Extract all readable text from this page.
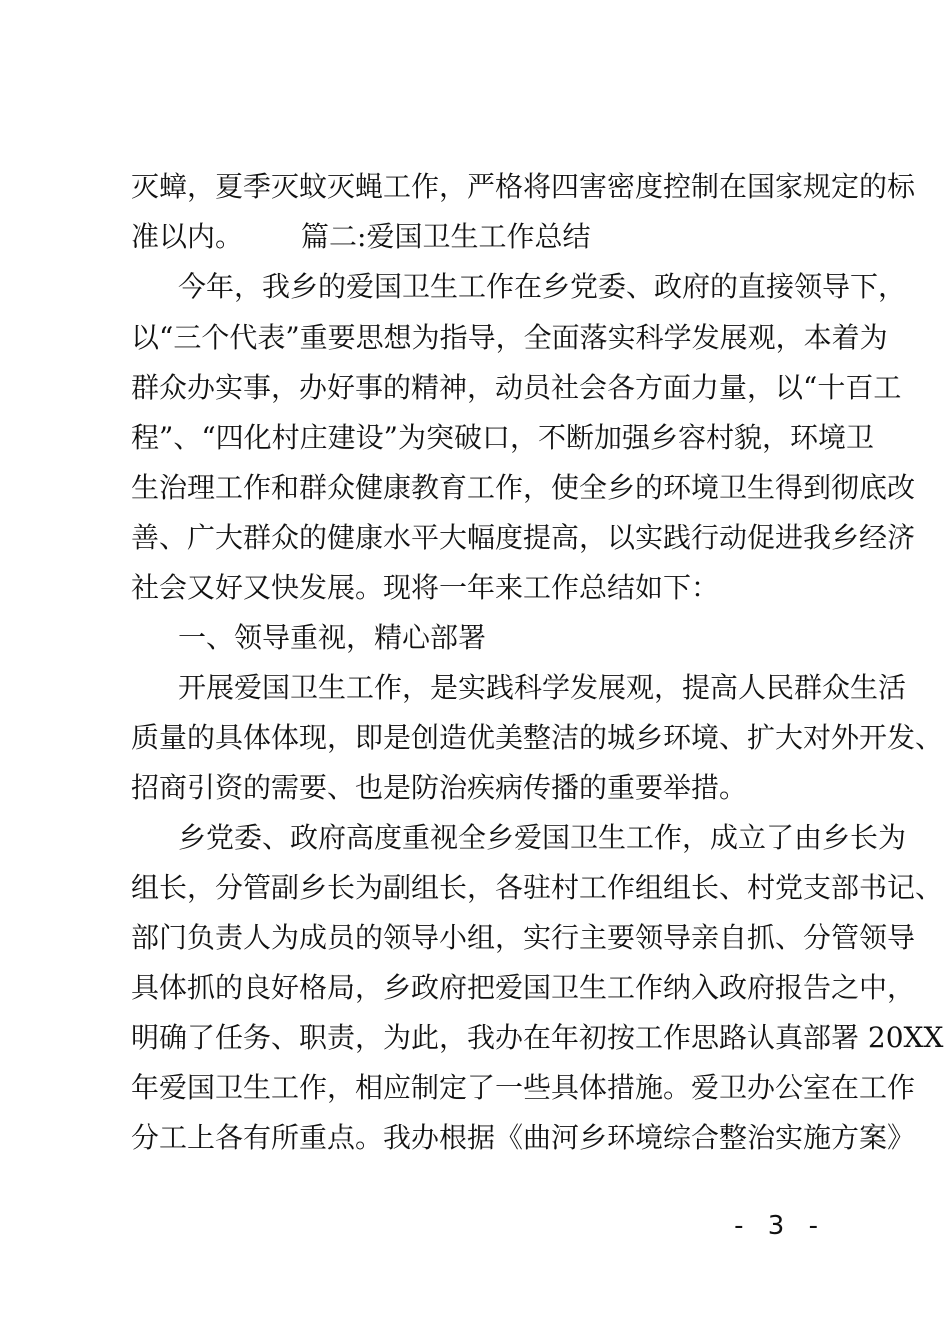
灭蟑，夏季灭蚊灭蝇工作，严格将四害密度控制在国家规定的标
准以内。 篇二:爱国卫生工作总结
今年，我乡的爱国卫生工作在乡党委、政府的直接领导下，
以“三个代表”重要思想为指导，全面落实科学发展观，本着为
群众办实事，办好事的精神，动员社会各方面力量，以“十百工
程”、“四化村庄建设”为突破口，不断加强乡容村貌，环境卫
生治理工作和群众健康教育工作，使全乡的环境卫生得到彻底改
善、广大群众的健康水平大幅度提高，以实践行动促进我乡经济
社会又好又快发展。现将一年来工作总结如下：
一、领导重视，精心部署
开展爱国卫生工作，是实践科学发展观，提高人民群众生活
质量的具体体现，即是创造优美整洁的城乡环境、扩大对外开发、
招商引资的需要、也是防治疾病传播的重要举措。
乡党委、政府高度重视全乡爱国卫生工作，成立了由乡长为
组长，分管副乡长为副组长，各驻村工作组组长、村党支部书记、
部门负责人为成员的领导小组，实行主要领导亲自抓、分管领导
具体抓的良好格局，乡政府把爱国卫生工作纳入政府报告之中，
明确了任务、职责，为此，我办在年初按工作思路认真部署 20XX
年爱国卫生工作，相应制定了一些具体措施。爱卫办公室在工作
分工上各有所重点。我办根据《曲河乡环境综合整治实施方案》
- 3 -
